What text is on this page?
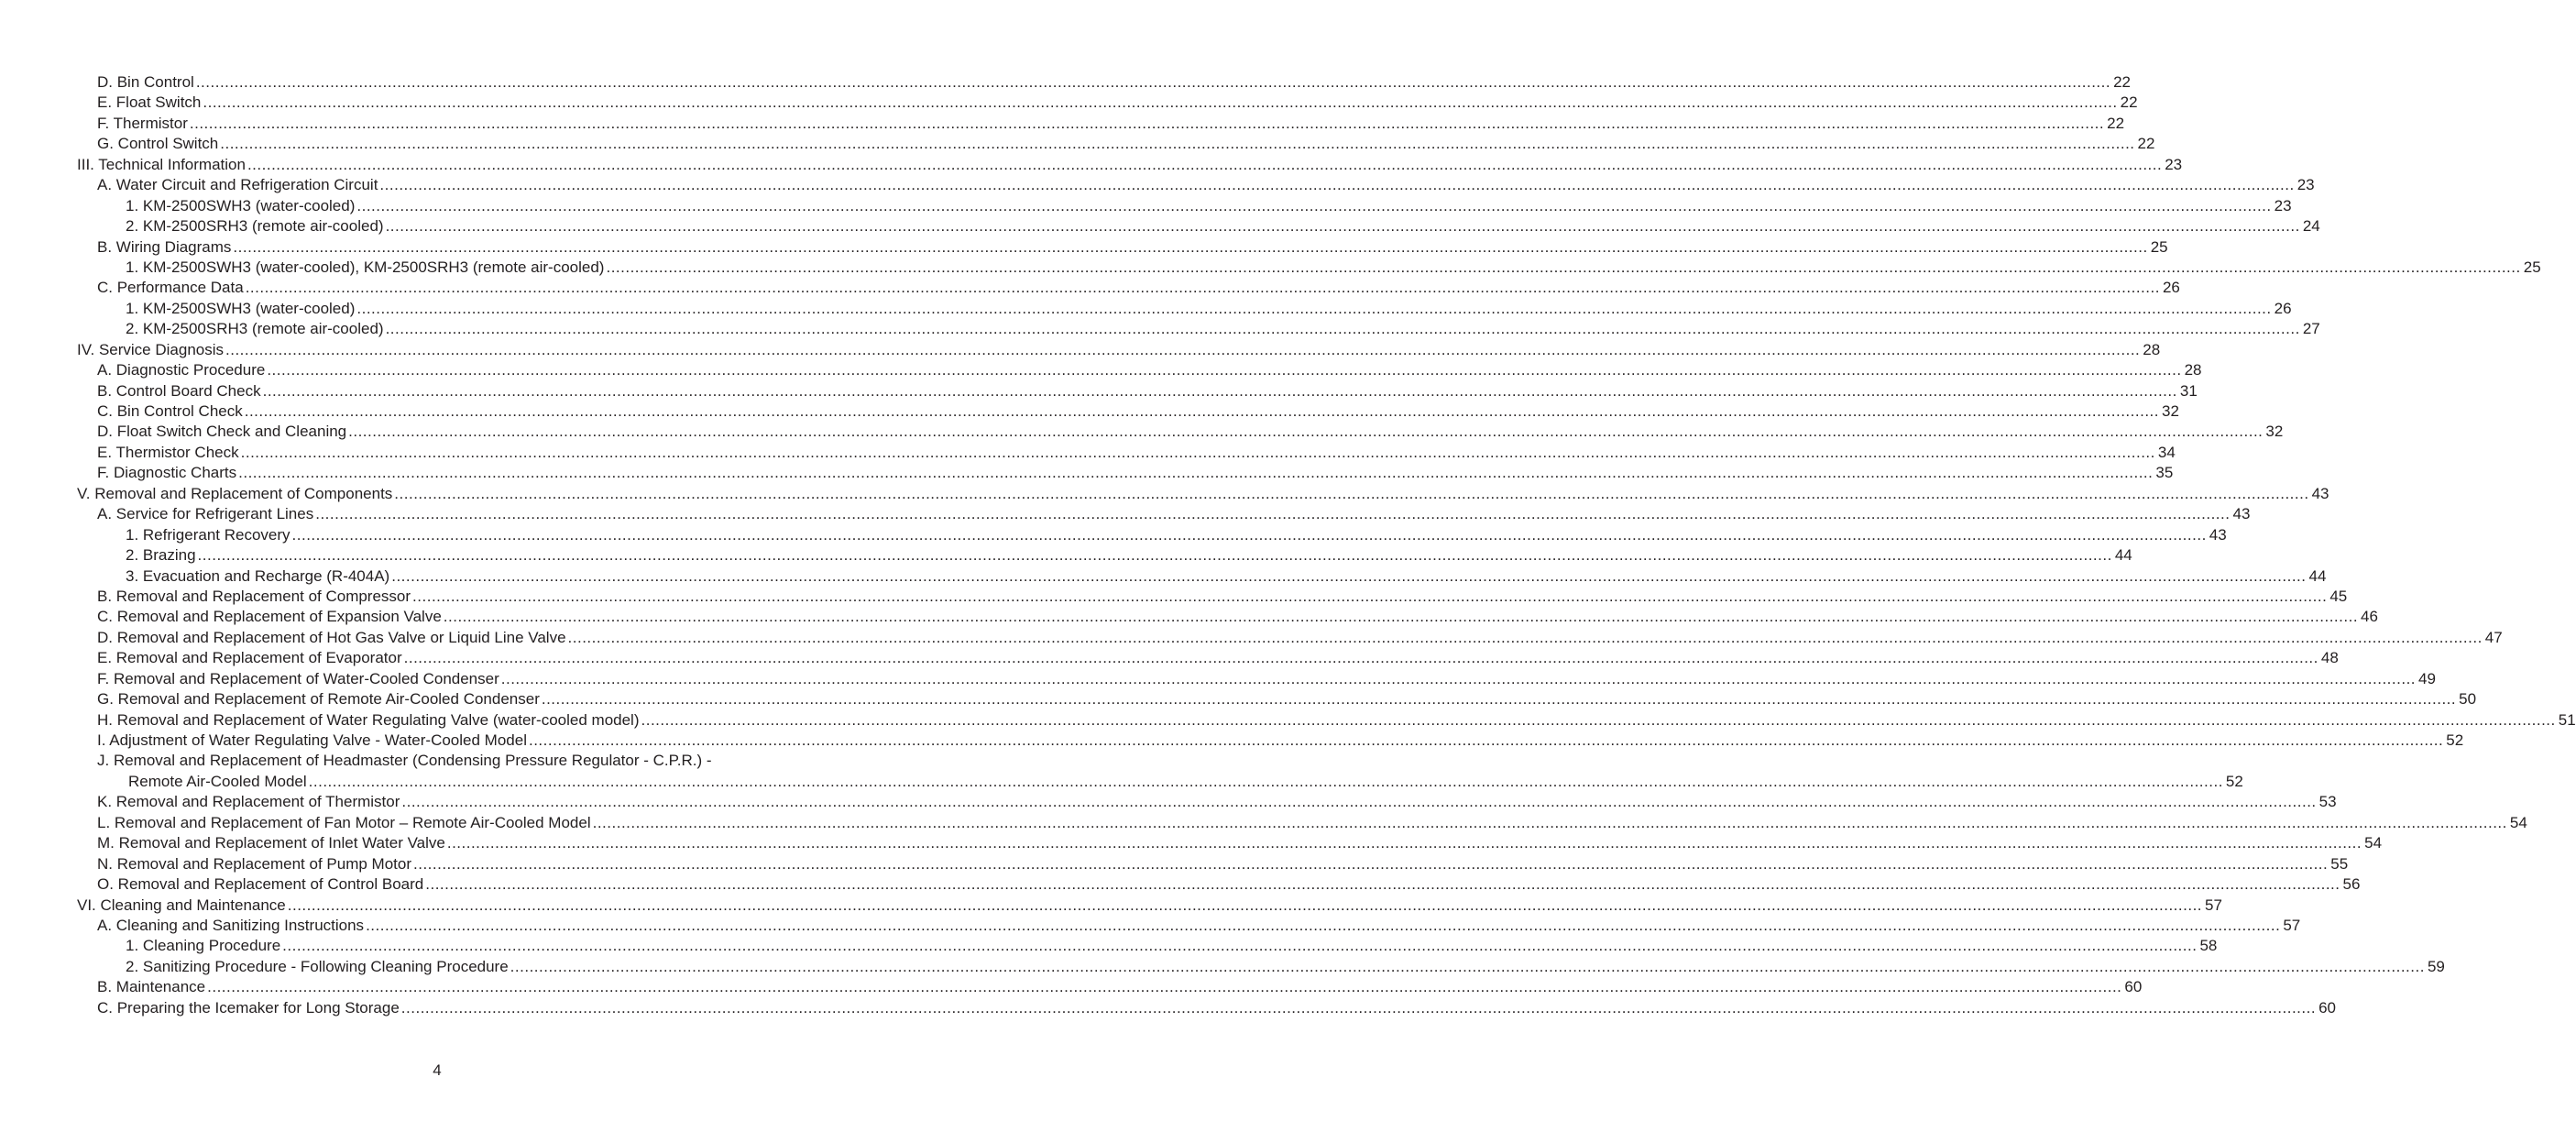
D. Bin Control ................................................................................................................................................................................................................................................................................................................................................................................................................ 22
E. Float Switch ................................................................................................................................................................................................................................................................................................................................................................................................................ 22
F. Thermistor ................................................................................................................................................................................................................................................................................................................................................................................................................ 22
G. Control Switch ................................................................................................................................................................................................................................................................................................................................................................................................................ 22
III. Technical Information ................................................................................................................................................................................................................................................................................................................................................................................................................ 23
A. Water Circuit and Refrigeration Circuit ................................................................................................................................................................................................................................................................................................................................................................................................................ 23
1. KM-2500SWH3 (water-cooled) ................................................................................................................................................................................................................................................................................................................................................................................................................ 23
2. KM-2500SRH3 (remote air-cooled) ................................................................................................................................................................................................................................................................................................................................................................................................................ 24
B. Wiring Diagrams ................................................................................................................................................................................................................................................................................................................................................................................................................ 25
1. KM-2500SWH3 (water-cooled), KM-2500SRH3 (remote air-cooled) ................................................................................................................................................................................................................................................................................................................................................................................................................ 25
C. Performance Data ................................................................................................................................................................................................................................................................................................................................................................................................................ 26
1. KM-2500SWH3 (water-cooled) ................................................................................................................................................................................................................................................................................................................................................................................................................ 26
2. KM-2500SRH3 (remote air-cooled) ................................................................................................................................................................................................................................................................................................................................................................................................................ 27
IV. Service Diagnosis ................................................................................................................................................................................................................................................................................................................................................................................................................ 28
A. Diagnostic Procedure ................................................................................................................................................................................................................................................................................................................................................................................................................ 28
B. Control Board Check ................................................................................................................................................................................................................................................................................................................................................................................................................ 31
C. Bin Control Check ................................................................................................................................................................................................................................................................................................................................................................................................................ 32
D. Float Switch Check and Cleaning ................................................................................................................................................................................................................................................................................................................................................................................................................ 32
E. Thermistor Check ................................................................................................................................................................................................................................................................................................................................................................................................................ 34
F. Diagnostic Charts ................................................................................................................................................................................................................................................................................................................................................................................................................ 35
V. Removal and Replacement of Components ................................................................................................................................................................................................................................................................................................................................................................................................................ 43
A. Service for Refrigerant Lines ................................................................................................................................................................................................................................................................................................................................................................................................................ 43
1. Refrigerant Recovery ................................................................................................................................................................................................................................................................................................................................................................................................................ 43
2. Brazing ................................................................................................................................................................................................................................................................................................................................................................................................................ 44
3. Evacuation and Recharge (R-404A) ................................................................................................................................................................................................................................................................................................................................................................................................................ 44
B. Removal and Replacement of Compressor ................................................................................................................................................................................................................................................................................................................................................................................................................ 45
C. Removal and Replacement of Expansion Valve ................................................................................................................................................................................................................................................................................................................................................................................................................ 46
D. Removal and Replacement of Hot Gas Valve or Liquid Line Valve ................................................................................................................................................................................................................................................................................................................................................................................................................ 47
E. Removal and Replacement of Evaporator ................................................................................................................................................................................................................................................................................................................................................................................................................ 48
F. Removal and Replacement of Water-Cooled Condenser ................................................................................................................................................................................................................................................................................................................................................................................................................ 49
G. Removal and Replacement of Remote Air-Cooled Condenser ................................................................................................................................................................................................................................................................................................................................................................................................................ 50
H. Removal and Replacement of Water Regulating Valve (water-cooled model) ................................................................................................................................................................................................................................................................................................................................................................................................................ 51
I. Adjustment of Water Regulating Valve - Water-Cooled Model ................................................................................................................................................................................................................................................................................................................................................................................................................ 52
J. Removal and Replacement of Headmaster (Condensing Pressure Regulator - C.P.R.) -
Remote Air-Cooled Model ................................................................................................................................................................................................................................................................................................................................................................................................................ 52
K. Removal and Replacement of Thermistor ................................................................................................................................................................................................................................................................................................................................................................................................................ 53
L. Removal and Replacement of Fan Motor – Remote Air-Cooled Model ................................................................................................................................................................................................................................................................................................................................................................................................................ 54
M. Removal and Replacement of Inlet Water Valve ................................................................................................................................................................................................................................................................................................................................................................................................................ 54
N. Removal and Replacement of Pump Motor ................................................................................................................................................................................................................................................................................................................................................................................................................ 55
O. Removal and Replacement of Control Board ................................................................................................................................................................................................................................................................................................................................................................................................................ 56
VI. Cleaning and Maintenance ................................................................................................................................................................................................................................................................................................................................................................................................................ 57
A. Cleaning and Sanitizing Instructions ................................................................................................................................................................................................................................................................................................................................................................................................................ 57
1. Cleaning Procedure ................................................................................................................................................................................................................................................................................................................................................................................................................ 58
2. Sanitizing Procedure - Following Cleaning Procedure ................................................................................................................................................................................................................................................................................................................................................................................................................ 59
B. Maintenance ................................................................................................................................................................................................................................................................................................................................................................................................................ 60
C. Preparing the Icemaker for Long Storage ................................................................................................................................................................................................................................................................................................................................................................................................................ 60
4
